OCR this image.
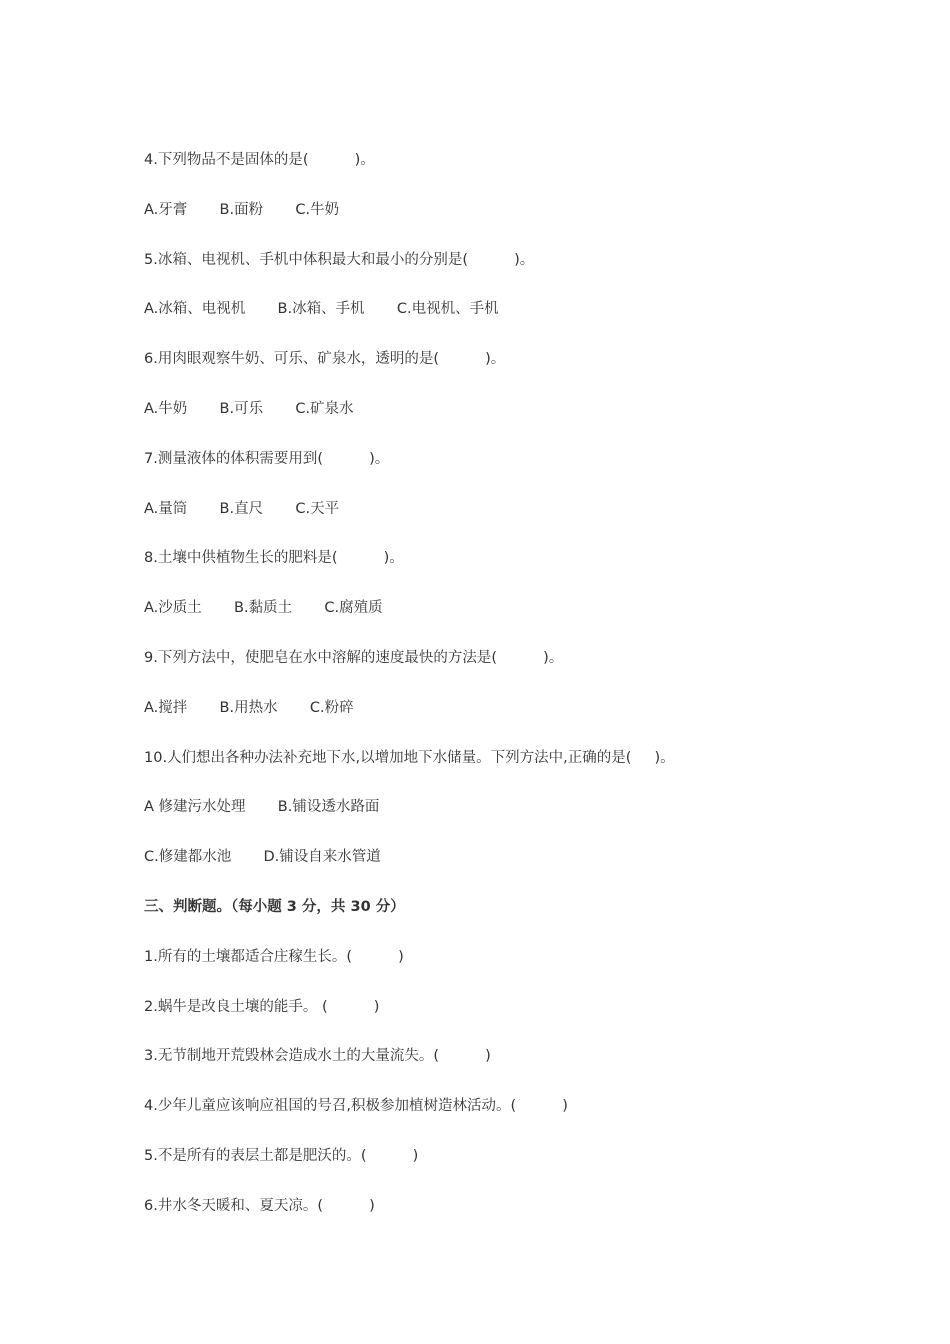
4.下列物品不是固体的是(          )。
A.牙膏       B.面粉       C.牛奶
5.冰箱、电视机、手机中体积最大和最小的分别是(          )。
A.冰箱、电视机       B.冰箱、手机       C.电视机、手机
6.用肉眼观察牛奶、可乐、矿泉水，透明的是(          )。
A.牛奶       B.可乐       C.矿泉水
7.测量液体的体积需要用到(          )。
A.量筒       B.直尺       C.天平
8.土壤中供植物生长的肥料是(          )。
A.沙质土       B.黏质土       C.腐殖质
9.下列方法中，使肥皂在水中溶解的速度最快的方法是(          )。
A.搅拌       B.用热水       C.粉碎
10.人们想出各种办法补充地下水,以增加地下水储量。下列方法中,正确的是(     )。
A 修建污水处理       B.铺设透水路面
C.修建都水池       D.铺设自来水管道
三、判断题。（每小题 3 分，共 30 分）
1.所有的土壤都适合庄稼生长。(          )
2.蜗牛是改良土壤的能手。 (          )
3.无节制地开荒毁林会造成水土的大量流失。(          )
4.少年儿童应该响应祖国的号召,积极参加植树造林活动。(          )
5.不是所有的表层土都是肥沃的。(          )
6.井水冬天暖和、夏天凉。(          )
